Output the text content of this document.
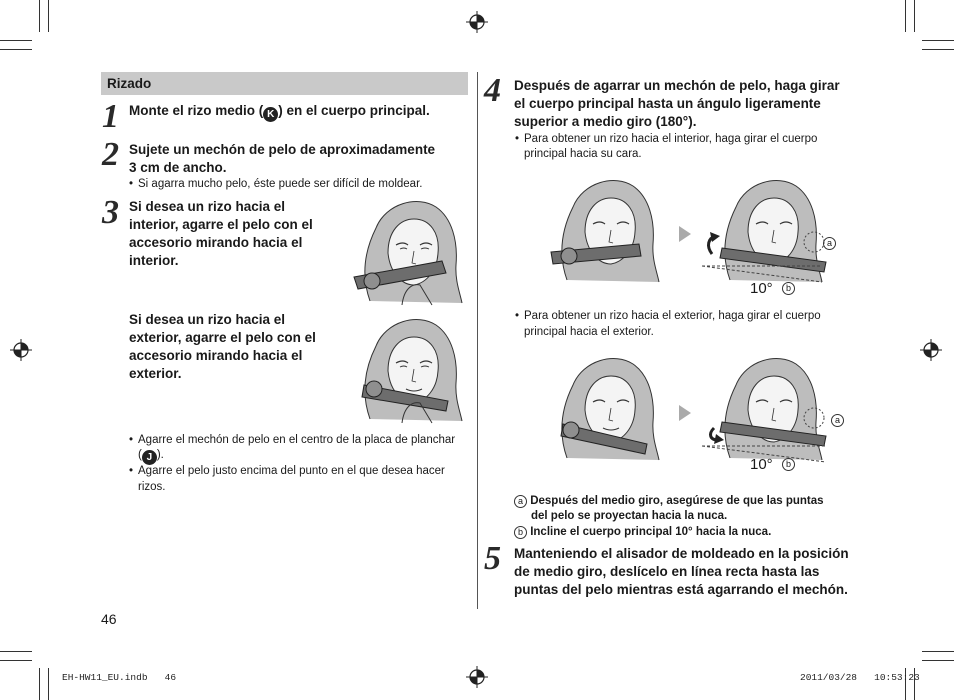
Rizado
1 Monte el rizo medio ( K ) en el cuerpo principal.
2 Sujete un mechón de pelo de aproximadamente
3 cm de ancho.
• Si agarra mucho pelo, éste puede ser difícil de moldear.
3 Si desea un rizo hacia el
interior, agarre el pelo con el
accesorio mirando hacia el
interior.
Si desea un rizo hacia el
exterior, agarre el pelo con el
accesorio mirando hacia el
exterior.
• Agarre el mechón de pelo en el centro de la placa de planchar
( J ).
• Agarre el pelo justo encima del punto en el que desea hacer
rizos.
46
4 Después de agarrar un mechón de pelo, haga girar
el cuerpo principal hasta un ángulo ligeramente
superior a medio giro (180°).
• Para obtener un rizo hacia el interior, haga girar el cuerpo
principal hacia su cara.
a
10°	b
• Para obtener un rizo hacia el exterior, haga girar el cuerpo
principal hacia el exterior.
a
10°	b
a Después del medio giro, asegúrese de que las puntas
del pelo se proyectan hacia la nuca.
b Incline el cuerpo principal 10° hacia la nuca.
5 Manteniendo el alisador de moldeado en la posición
de medio giro, deslícelo en línea recta hasta las
puntas del pelo mientras está agarrando el mechón.
EH-HW11_EU.indb   46	2011/03/28   10:53:23
